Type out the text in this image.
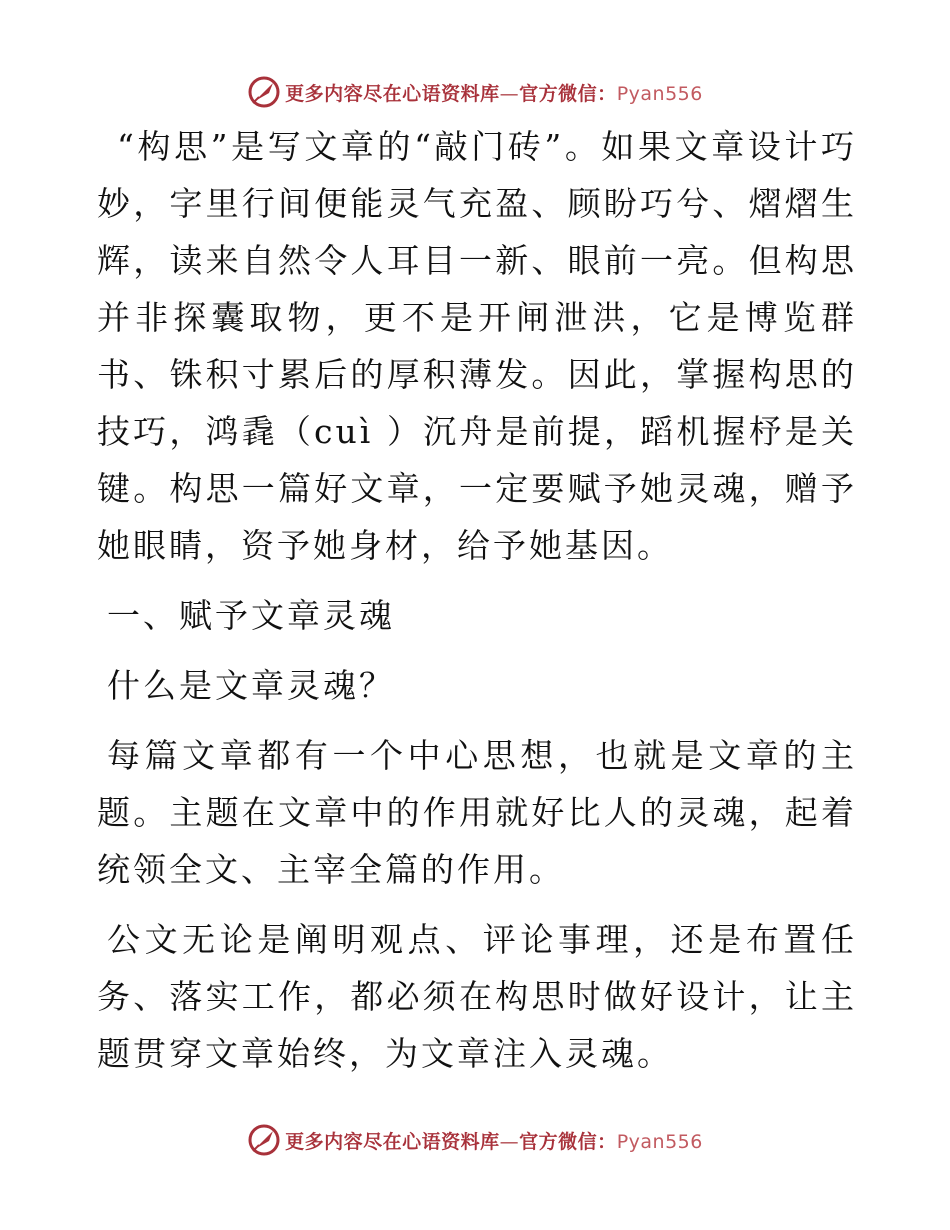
更多内容尽在心语资料库—官方微信：Pyan556

“构思”是写文章的“敲门砖”。如果文章设计巧妙，字里行间便能灵气充盈、顾盼巧兮、熠熠生辉，读来自然令人耳目一新、眼前一亮。但构思并非探囊取物，更不是开闸泄洪，它是博览群书、铢积寸累后的厚积薄发。因此，掌握构思的技巧，鸿毳（cuì ）沉舟是前提，蹈机握杼是关键。构思一篇好文章，一定要赋予她灵魂，赠予她眼睛，资予她身材，给予她基因。

一、赋予文章灵魂

什么是文章灵魂？

每篇文章都有一个中心思想，也就是文章的主题。主题在文章中的作用就好比人的灵魂，起着统领全文、主宰全篇的作用。

公文无论是阐明观点、评论事理，还是布置任务、落实工作，都必须在构思时做好设计，让主题贯穿文章始终，为文章注入灵魂。

更多内容尽在心语资料库—官方微信：Pyan556
